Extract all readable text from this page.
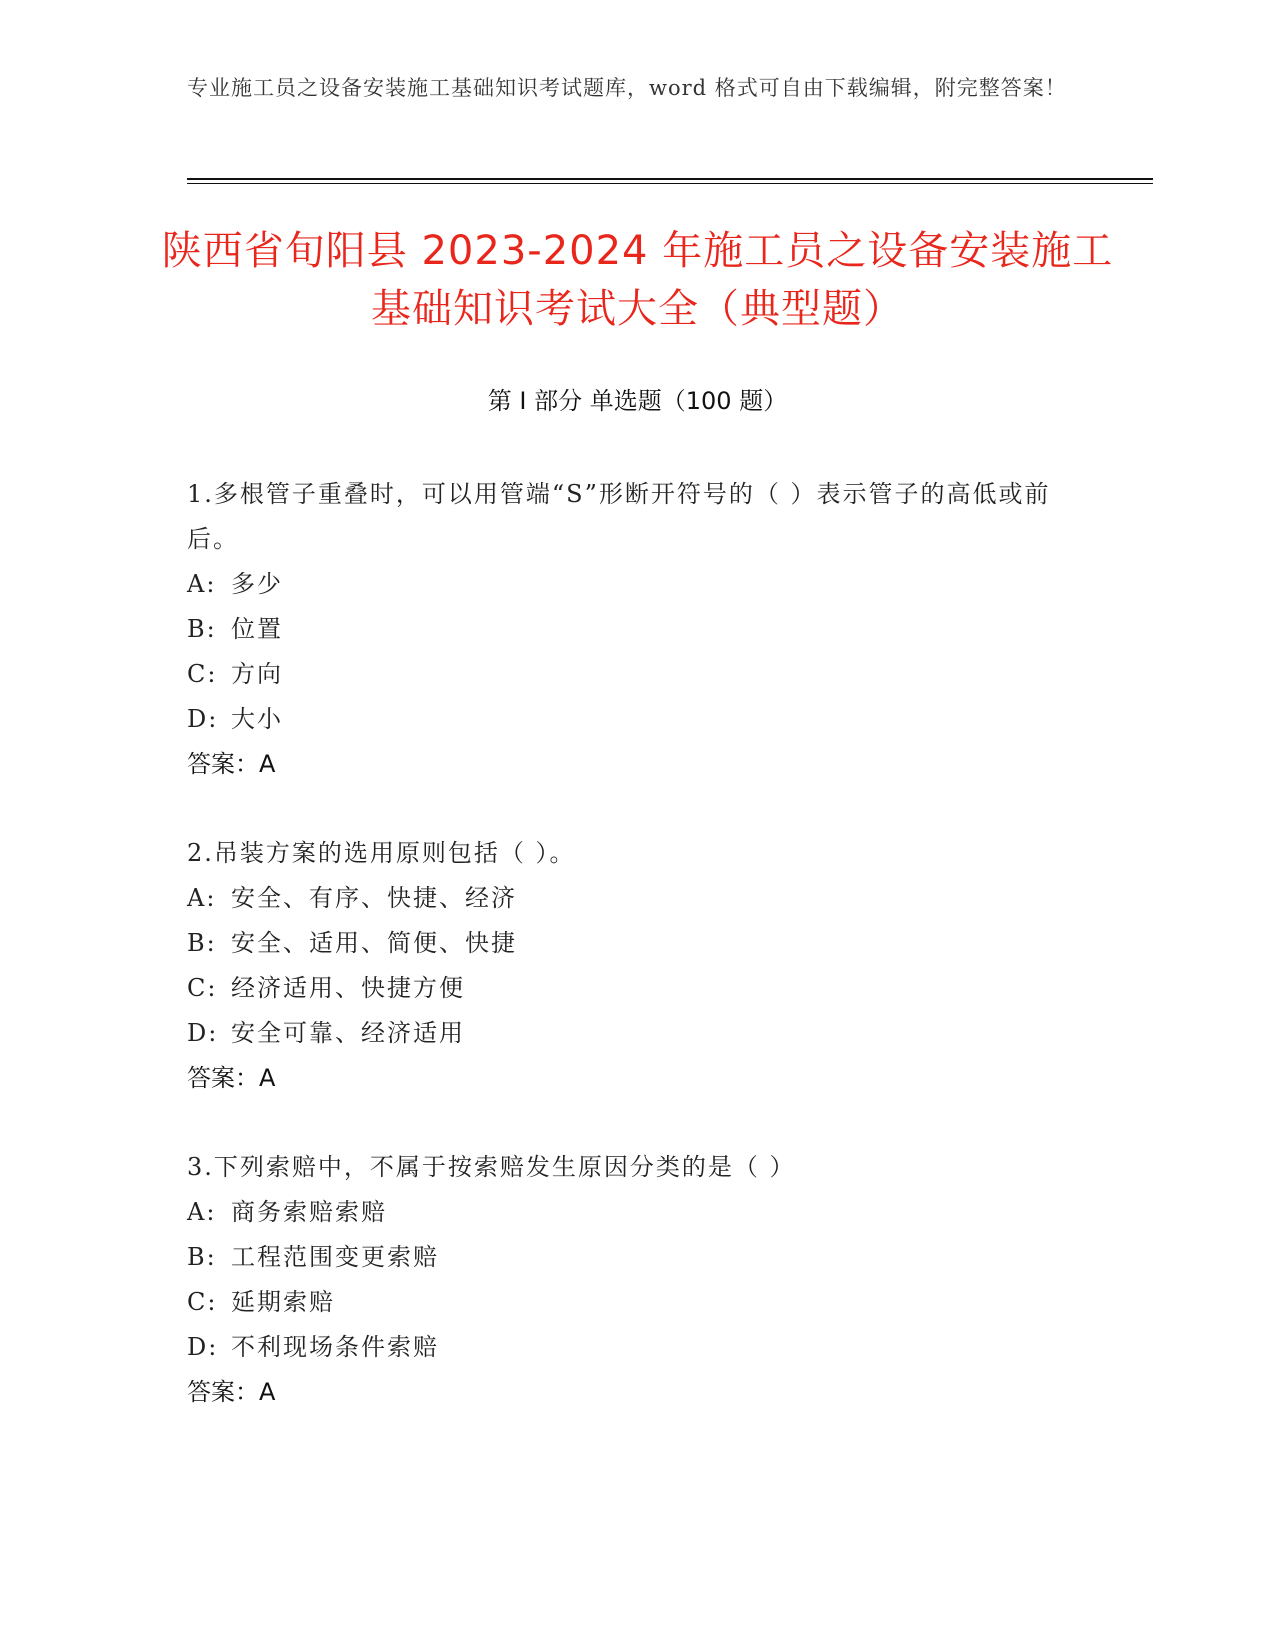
专业施工员之设备安装施工基础知识考试题库，word 格式可自由下载编辑，附完整答案！
陕西省旬阳县 2023-2024 年施工员之设备安装施工基础知识考试大全（典型题）
第 I 部分 单选题（100 题）
1.多根管子重叠时，可以用管端“S”形断开符号的（ ）表示管子的高低或前后。
A: 多少
B: 位置
C: 方向
D: 大小
答案：A
2.吊装方案的选用原则包括（ ）。
A: 安全、有序、快捷、经济
B: 安全、适用、简便、快捷
C: 经济适用、快捷方便
D: 安全可靠、经济适用
答案：A
3.下列索赔中，不属于按索赔发生原因分类的是（ ）
A: 商务索赔索赔
B: 工程范围变更索赔
C: 延期索赔
D: 不利现场条件索赔
答案：A
